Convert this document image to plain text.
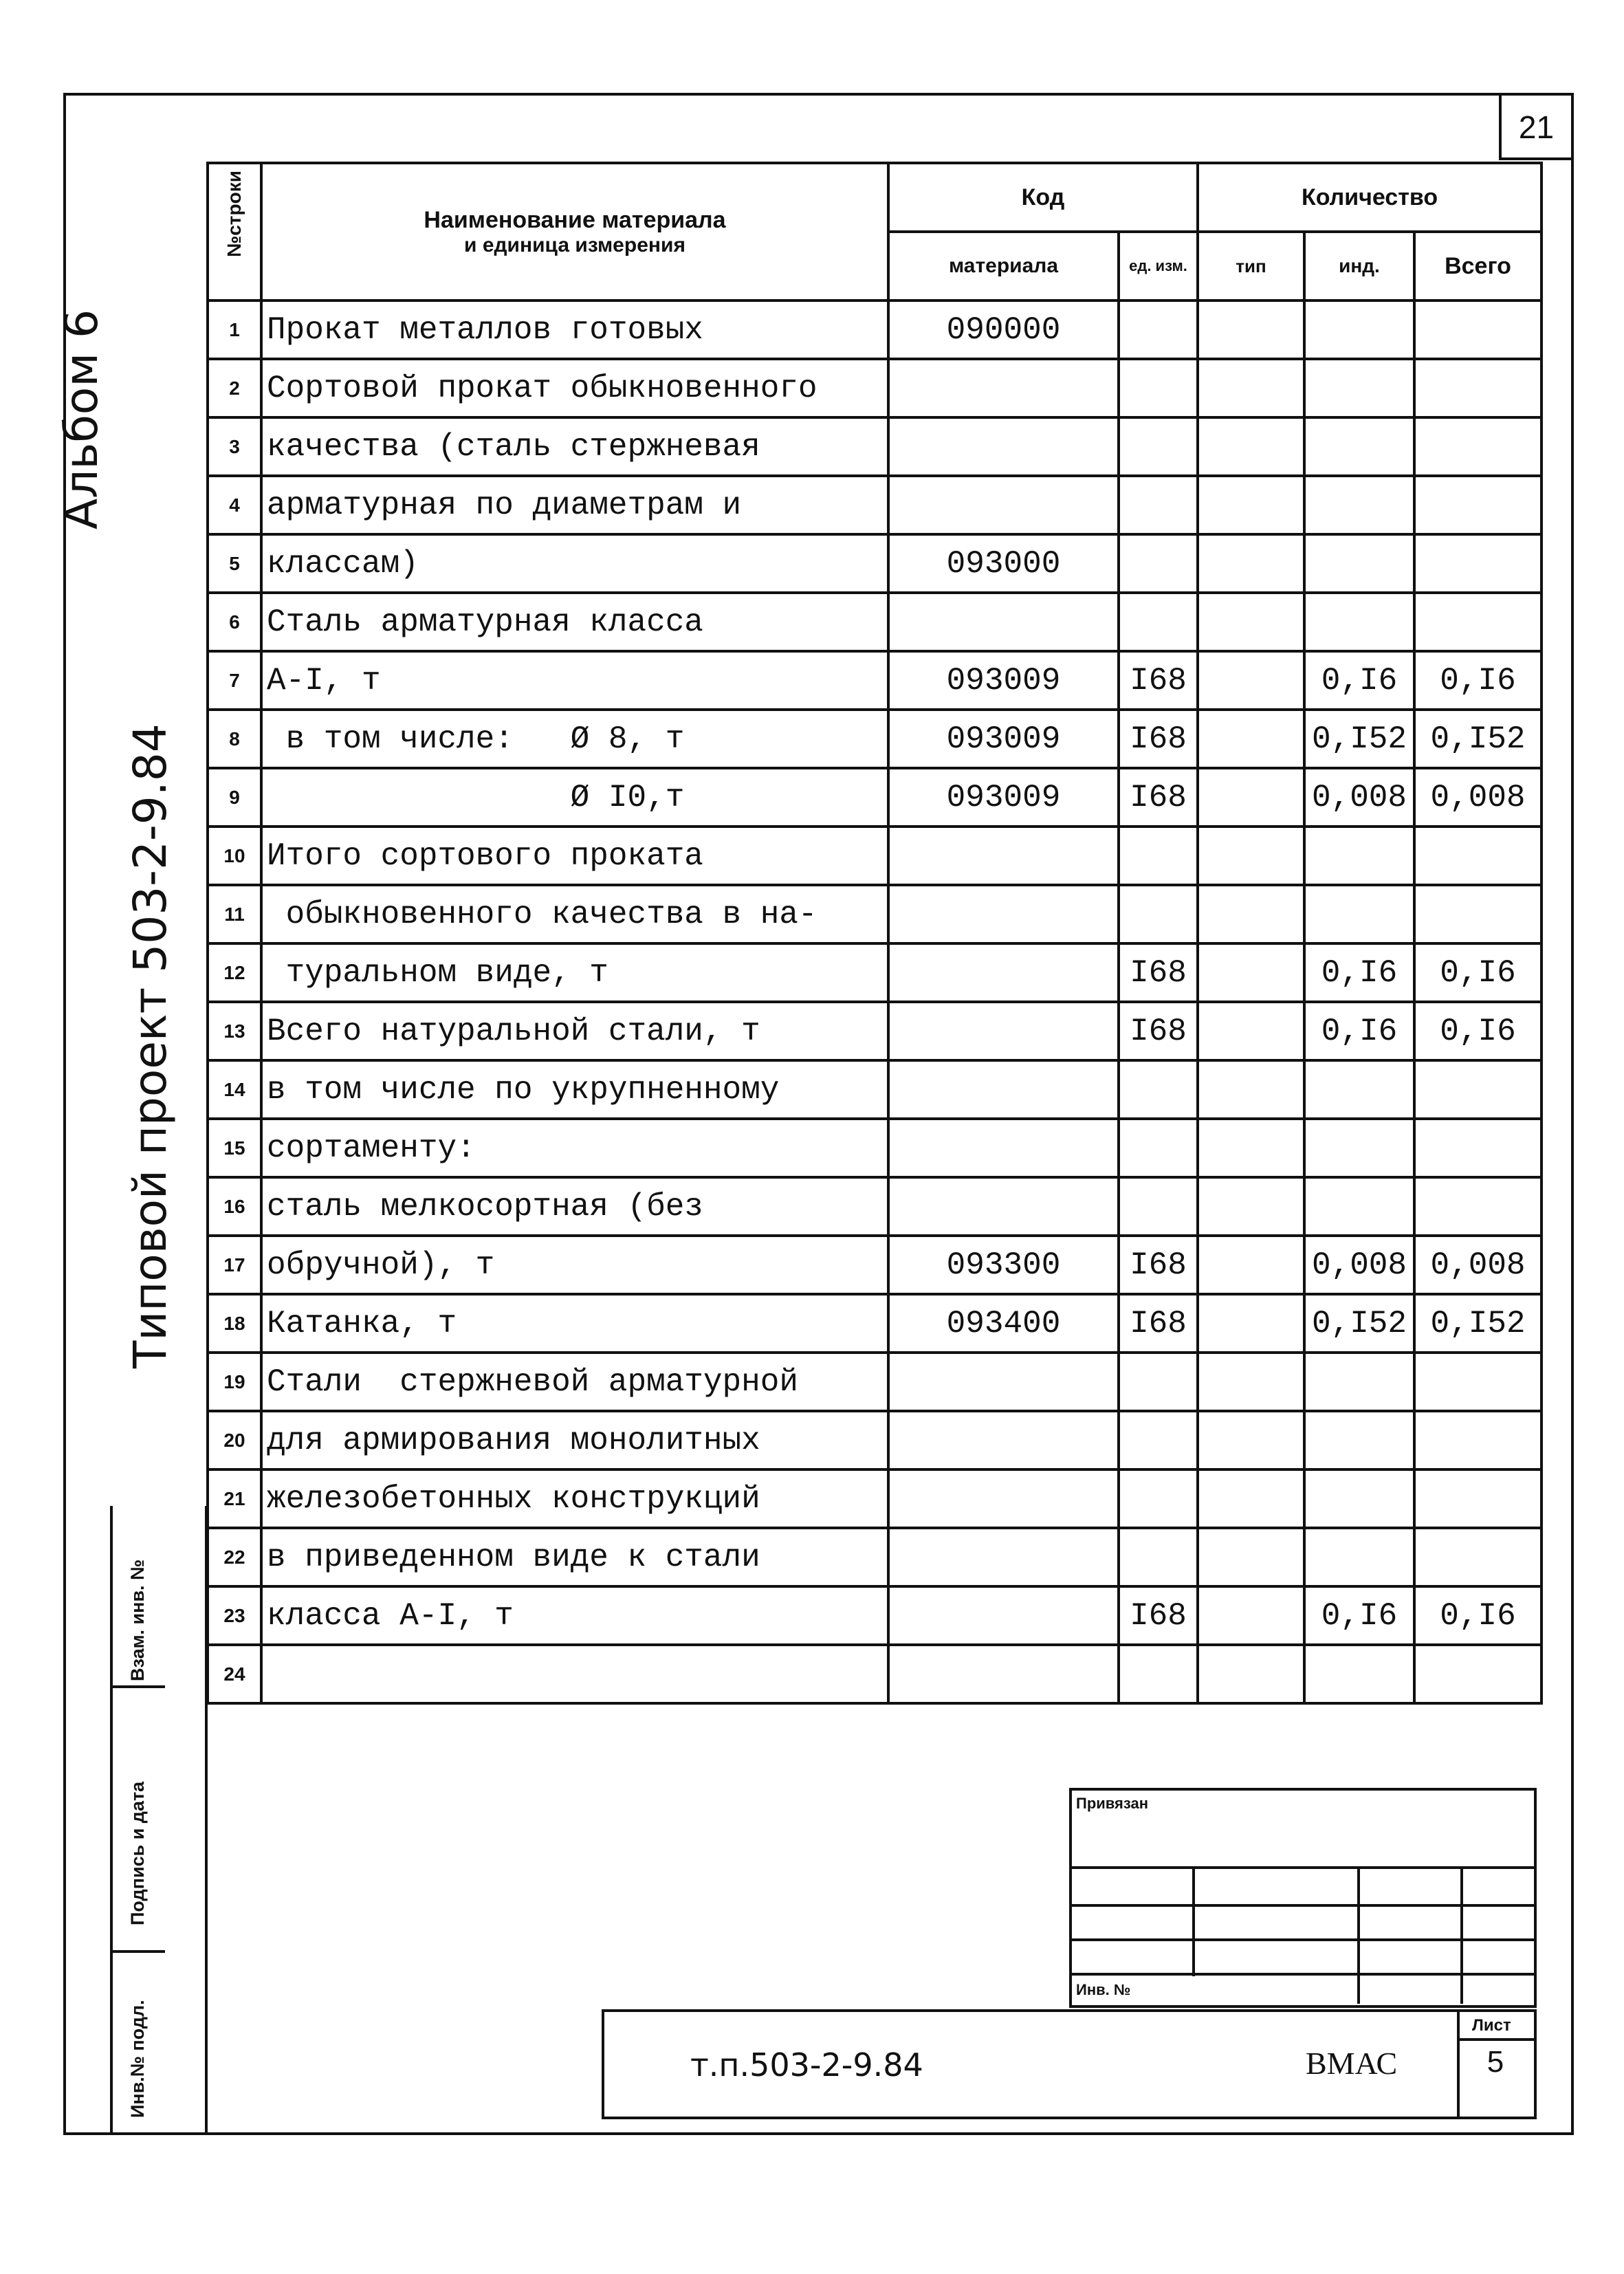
21
Альбом 6
Типовой проект 503-2-9.84
№строки	Наименование материала
и единица измерения	Код		Количество		
		материала	ед. изм.	тип	инд.	Всего
1	Прокат металлов готовых	090000				
2	Сортовой прокат обыкновенного					
3	качества (сталь стержневая					
4	арматурная по диаметрам и					
5	классам)	093000				
6	Сталь арматурная класса					
7	А-I, т	093009	I68		0,I6	0,I6
8	в том числе:   Ø 8, т	093009	I68		0,I52	0,I52
9	Ø I0,т	093009	I68		0,008	0,008
10	Итого сортового проката					
11	обыкновенного качества в на-					
12	туральном виде, т		I68		0,I6	0,I6
13	Всего натуральной стали, т		I68		0,I6	0,I6
14	в том числе по укрупненному					
15	сортаменту:					
16	сталь мелкосортная (без					
17	обручной), т	093300	I68		0,008	0,008
18	Катанка, т	093400	I68		0,I52	0,I52
19	Стали  стержневой арматурной					
20	для армирования монолитных					
21	железобетонных конструкций					
22	в приведенном виде к стали					
23	класса А-I, т		I68		0,I6	0,I6
24						
Взам. инв. №
Подпись и дата
Инв.№ подл.
Привязан
Инв. №
т.п.503-2-9.84	ВМАС
Лист
5
